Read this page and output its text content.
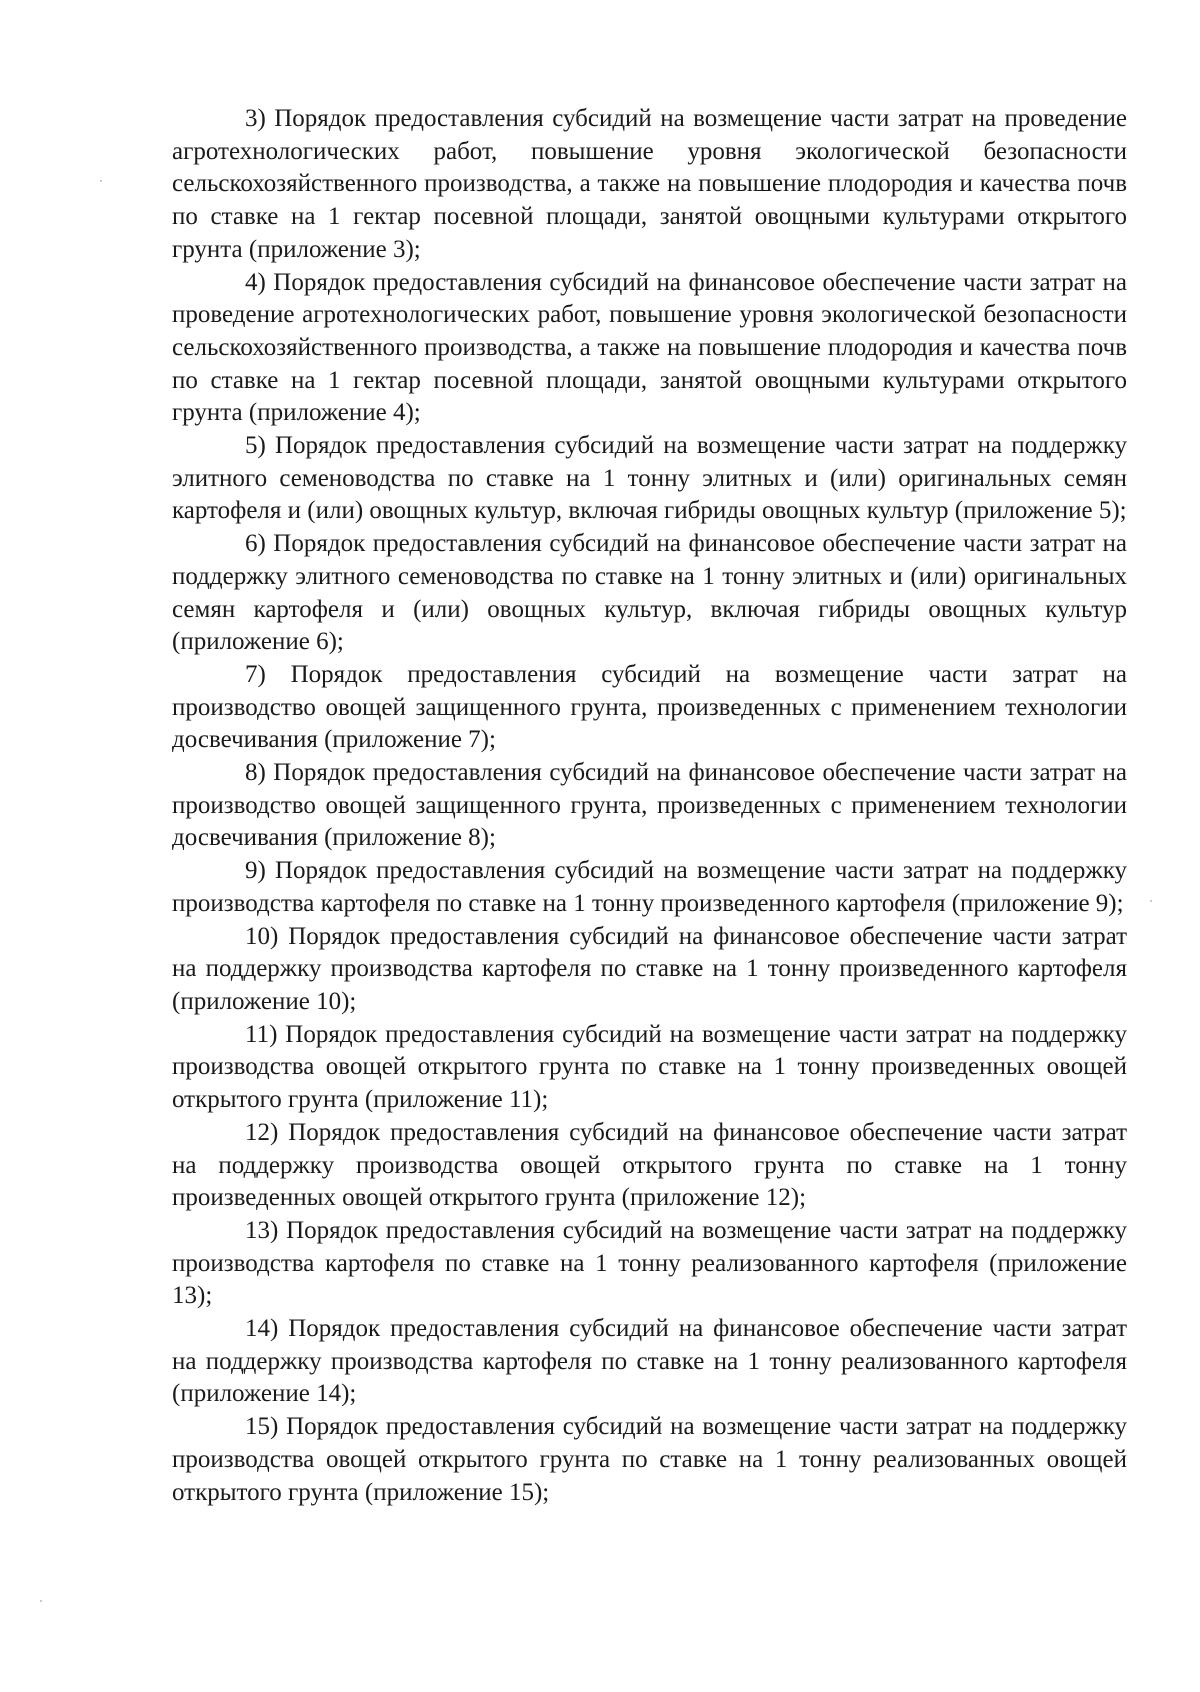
3) Порядок предоставления субсидий на возмещение части затрат на проведение агротехнологических работ, повышение уровня экологической безопасности сельскохозяйственного производства, а также на повышение плодородия и качества почв по ставке на 1 гектар посевной площади, занятой овощными культурами открытого грунта (приложение 3);

4) Порядок предоставления субсидий на финансовое обеспечение части затрат на проведение агротехнологических работ, повышение уровня экологической безопасности сельскохозяйственного производства, а также на повышение плодородия и качества почв по ставке на 1 гектар посевной площади, занятой овощными культурами открытого грунта (приложение 4);

5) Порядок предоставления субсидий на возмещение части затрат на поддержку элитного семеноводства по ставке на 1 тонну элитных и (или) оригинальных семян картофеля и (или) овощных культур, включая гибриды овощных культур (приложение 5);

6) Порядок предоставления субсидий на финансовое обеспечение части затрат на поддержку элитного семеноводства по ставке на 1 тонну элитных и (или) оригинальных семян картофеля и (или) овощных культур, включая гибриды овощных культур (приложение 6);

7) Порядок предоставления субсидий на возмещение части затрат на производство овощей защищенного грунта, произведенных с применением технологии досвечивания (приложение 7);

8) Порядок предоставления субсидий на финансовое обеспечение части затрат на производство овощей защищенного грунта, произведенных с применением технологии досвечивания (приложение 8);

9) Порядок предоставления субсидий на возмещение части затрат на поддержку производства картофеля по ставке на 1 тонну произведенного картофеля (приложение 9);

10) Порядок предоставления субсидий на финансовое обеспечение части затрат на поддержку производства картофеля по ставке на 1 тонну произведенного картофеля (приложение 10);

11) Порядок предоставления субсидий на возмещение части затрат на поддержку производства овощей открытого грунта по ставке на 1 тонну произведенных овощей открытого грунта (приложение 11);

12) Порядок предоставления субсидий на финансовое обеспечение части затрат на поддержку производства овощей открытого грунта по ставке на 1 тонну произведенных овощей открытого грунта (приложение 12);

13) Порядок предоставления субсидий на возмещение части затрат на поддержку производства картофеля по ставке на 1 тонну реализованного картофеля (приложение 13);

14) Порядок предоставления субсидий на финансовое обеспечение части затрат на поддержку производства картофеля по ставке на 1 тонну реализованного картофеля (приложение 14);

15) Порядок предоставления субсидий на возмещение части затрат на поддержку производства овощей открытого грунта по ставке на 1 тонну реализованных овощей открытого грунта (приложение 15);
